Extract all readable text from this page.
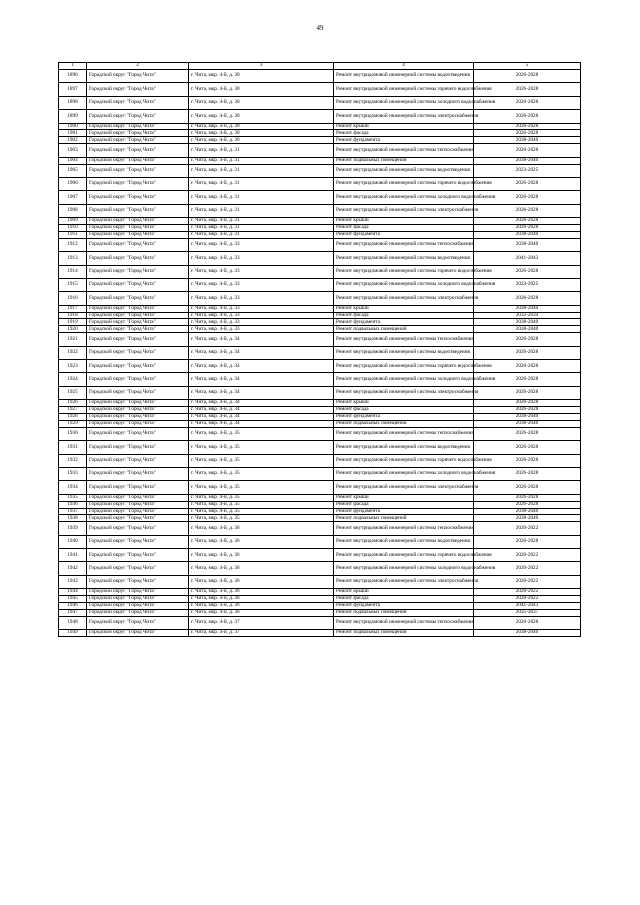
49
1	2	3	4	5
1896	Городской округ "Город Чита"	г. Чита, мкр. 4-й, д. 30	Ремонт внутридомовой инженерной системы водоотведения	2026-2028
1897	Городской округ "Город Чита"	г. Чита, мкр. 4-й, д. 30	Ремонт внутридомовой инженерной системы горячего водоснабжения	2026-2028
1898	Городской округ "Город Чита"	г. Чита, мкр. 4-й, д. 30	Ремонт внутридомовой инженерной системы холодного водоснабжения	2026-2028
1899	Городской округ "Город Чита"	г. Чита, мкр. 4-й, д. 30	Ремонт внутридомовой инженерной системы электроснабжения	2026-2028
1900	Городской округ "Город Чита"	г. Чита, мкр. 4-й, д. 30	Ремонт крыши	2026-2028
1901	Городской округ "Город Чита"	г. Чита, мкр. 4-й, д. 30	Ремонт фасада	2026-2028
1902	Городской округ "Город Чита"	г. Чита, мкр. 4-й, д. 30	Ремонт фундамента	2038-2040
1903	Городской округ "Город Чита"	г. Чита, мкр. 4-й, д. 31	Ремонт внутридомовой инженерной системы теплоснабжения	2026-2028
1904	Городской округ "Город Чита"	г. Чита, мкр. 4-й, д. 31	Ремонт подвальных помещений	2038-2040
1905	Городской округ "Город Чита"	г. Чита, мкр. 4-й, д. 31	Ремонт внутридомовой инженерной системы водоотведения	2023-2025
1906	Городской округ "Город Чита"	г. Чита, мкр. 4-й, д. 31	Ремонт внутридомовой инженерной системы горячего водоснабжения	2026-2028
1907	Городской округ "Город Чита"	г. Чита, мкр. 4-й, д. 31	Ремонт внутридомовой инженерной системы холодного водоснабжения	2026-2028
1908	Городской округ "Город Чита"	г. Чита, мкр. 4-й, д. 31	Ремонт внутридомовой инженерной системы электроснабжения	2026-2028
1909	Городской округ "Город Чита"	г. Чита, мкр. 4-й, д. 31	Ремонт крыши	2026-2028
1910	Городской округ "Город Чита"	г. Чита, мкр. 4-й, д. 31	Ремонт фасада	2026-2028
1911	Городской округ "Город Чита"	г. Чита, мкр. 4-й, д. 31	Ремонт фундамента	2038-2040
1912	Городской округ "Город Чита"	г. Чита, мкр. 4-й, д. 33	Ремонт внутридомовой инженерной системы теплоснабжения	2038-2040
1913	Городской округ "Город Чита"	г. Чита, мкр. 4-й, д. 33	Ремонт внутридомовой инженерной системы водоотведения	2041-2043
1914	Городской округ "Город Чита"	г. Чита, мкр. 4-й, д. 33	Ремонт внутридомовой инженерной системы горячего водоснабжения	2026-2028
1915	Городской округ "Город Чита"	г. Чита, мкр. 4-й, д. 33	Ремонт внутридомовой инженерной системы холодного водоснабжения	2023-2025
1916	Городской округ "Город Чита"	г. Чита, мкр. 4-й, д. 33	Ремонт внутридомовой инженерной системы электроснабжения	2026-2028
1917	Городской округ "Город Чита"	г. Чита, мкр. 4-й, д. 33	Ремонт крыши	2038-2040
1918	Городской округ "Город Чита"	г. Чита, мкр. 4-й, д. 33	Ремонт фасада	2032-2034
1919	Городской округ "Город Чита"	г. Чита, мкр. 4-й, д. 33	Ремонт фундамента	2038-2040
1920	Городской округ "Город Чита"	г. Чита, мкр. 4-й, д. 33	Ремонт подвальных помещений	2038-2040
1921	Городской округ "Город Чита"	г. Чита, мкр. 4-й, д. 34	Ремонт внутридомовой инженерной системы теплоснабжения	2026-2028
1922	Городской округ "Город Чита"	г. Чита, мкр. 4-й, д. 34	Ремонт внутридомовой инженерной системы водоотведения	2026-2028
1923	Городской округ "Город Чита"	г. Чита, мкр. 4-й, д. 34	Ремонт внутридомовой инженерной системы горячего водоснабжения	2026-2028
1924	Городской округ "Город Чита"	г. Чита, мкр. 4-й, д. 34	Ремонт внутридомовой инженерной системы холодного водоснабжения	2026-2028
1925	Городской округ "Город Чита"	г. Чита, мкр. 4-й, д. 34	Ремонт внутридомовой инженерной системы электроснабжения	2026-2028
1926	Городской округ "Город Чита"	г. Чита, мкр. 4-й, д. 34	Ремонт крыши	2026-2028
1927	Городской округ "Город Чита"	г. Чита, мкр. 4-й, д. 34	Ремонт фасада	2026-2028
1928	Городской округ "Город Чита"	г. Чита, мкр. 4-й, д. 34	Ремонт фундамента	2038-2040
1929	Городской округ "Город Чита"	г. Чита, мкр. 4-й, д. 34	Ремонт подвальных помещений	2038-2040
1930	Городской округ "Город Чита"	г. Чита, мкр. 4-й, д. 35	Ремонт внутридомовой инженерной системы теплоснабжения	2026-2028
1931	Городской округ "Город Чита"	г. Чита, мкр. 4-й, д. 35	Ремонт внутридомовой инженерной системы водоотведения	2026-2028
1932	Городской округ "Город Чита"	г. Чита, мкр. 4-й, д. 35	Ремонт внутридомовой инженерной системы горячего водоснабжения	2026-2028
1933	Городской округ "Город Чита"	г. Чита, мкр. 4-й, д. 35	Ремонт внутридомовой инженерной системы холодного водоснабжения	2026-2028
1934	Городской округ "Город Чита"	г. Чита, мкр. 4-й, д. 35	Ремонт внутридомовой инженерной системы электроснабжения	2026-2028
1935	Городской округ "Город Чита"	г. Чита, мкр. 4-й, д. 35	Ремонт крыши	2026-2028
1936	Городской округ "Город Чита"	г. Чита, мкр. 4-й, д. 35	Ремонт фасада	2026-2028
1937	Городской округ "Город Чита"	г. Чита, мкр. 4-й, д. 35	Ремонт фундамента	2038-2040
1938	Городской округ "Город Чита"	г. Чита, мкр. 4-й, д. 35	Ремонт подвальных помещений	2038-2040
1939	Городской округ "Город Чита"	г. Чита, мкр. 4-й, д. 36	Ремонт внутридомовой инженерной системы теплоснабжения	2020-2022
1940	Городской округ "Город Чита"	г. Чита, мкр. 4-й, д. 36	Ремонт внутридомовой инженерной системы водоотведения	2026-2028
1941	Городской округ "Город Чита"	г. Чита, мкр. 4-й, д. 36	Ремонт внутридомовой инженерной системы горячего водоснабжения	2020-2022
1942	Городской округ "Город Чита"	г. Чита, мкр. 4-й, д. 36	Ремонт внутридомовой инженерной системы холодного водоснабжения	2020-2022
1943	Городской округ "Город Чита"	г. Чита, мкр. 4-й, д. 36	Ремонт внутридомовой инженерной системы электроснабжения	2020-2022
1944	Городской округ "Город Чита"	г. Чита, мкр. 4-й, д. 36	Ремонт крыши	2020-2022
1945	Городской округ "Город Чита"	г. Чита, мкр. 4-й, д. 36	Ремонт фасада	2020-2022
1946	Городской округ "Город Чита"	г. Чита, мкр. 4-й, д. 36	Ремонт фундамента	2041-2043
1947	Городской округ "Город Чита"	г. Чита, мкр. 4-й, д. 36	Ремонт подвальных помещений	2035-2037
1948	Городской округ "Город Чита"	г. Чита, мкр. 4-й, д. 37	Ремонт внутридомовой инженерной системы теплоснабжения	2026-2028
1949	Городской округ "Город Чита"	г. Чита, мкр. 4-й, д. 37	Ремонт подвальных помещений	2038-2040
